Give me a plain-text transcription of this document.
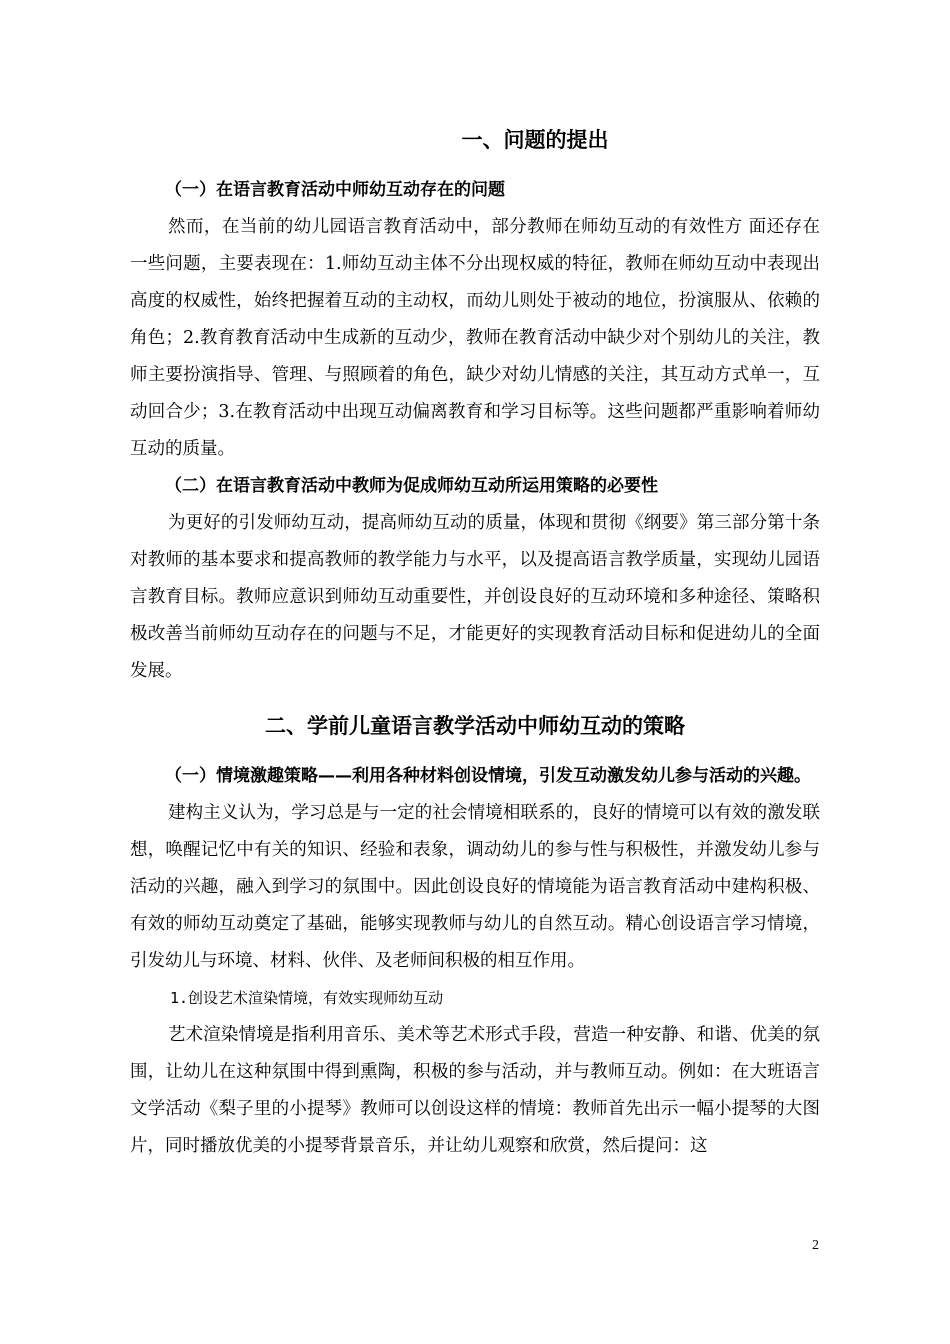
一、问题的提出
（一）在语言教育活动中师幼互动存在的问题

然而，在当前的幼儿园语言教育活动中，部分教师在师幼互动的有效性方 面还存在一些问题，主要表现在：1.师幼互动主体不分出现权威的特征，教师在师幼互动中表现出高度的权威性，始终把握着互动的主动权，而幼儿则处于被动的地位，扮演服从、依赖的角色；2.教育教育活动中生成新的互动少，教师在教育活动中缺少对个别幼儿的关注，教师主要扮演指导、管理、与照顾着的角色，缺少对幼儿情感的关注，其互动方式单一，互动回合少；3.在教育活动中出现互动偏离教育和学习目标等。这些问题都严重影响着师幼互动的质量。

（二）在语言教育活动中教师为促成师幼互动所运用策略的必要性

为更好的引发师幼互动，提高师幼互动的质量，体现和贯彻《纲要》第三部分第十条对教师的基本要求和提高教师的教学能力与水平，以及提高语言教学质量，实现幼儿园语言教育目标。教师应意识到师幼互动重要性，并创设良好的互动环境和多种途径、策略积极改善当前师幼互动存在的问题与不足，才能更好的实现教育活动目标和促进幼儿的全面发展。

二、学前儿童语言教学活动中师幼互动的策略
（一）情境激趣策略——利用各种材料创设情境，引发互动激发幼儿参与活动的兴趣。

建构主义认为，学习总是与一定的社会情境相联系的，良好的情境可以有效的激发联想，唤醒记忆中有关的知识、经验和表象，调动幼儿的参与性与积极性，并激发幼儿参与活动的兴趣，融入到学习的氛围中。因此创设良好的情境能为语言教育活动中建构积极、有效的师幼互动奠定了基础，能够实现教师与幼儿的自然互动。精心创设语言学习情境，引发幼儿与环境、材料、伙伴、及老师间积极的相互作用。

1.创设艺术渲染情境，有效实现师幼互动

艺术渲染情境是指利用音乐、美术等艺术形式手段，营造一种安静、和谐、优美的氛围，让幼儿在这种氛围中得到熏陶，积极的参与活动，并与教师互动。例如：在大班语言文学活动《梨子里的小提琴》教师可以创设这样的情境：教师首先出示一幅小提琴的大图片，同时播放优美的小提琴背景音乐，并让幼儿观察和欣赏，然后提问：这

2
